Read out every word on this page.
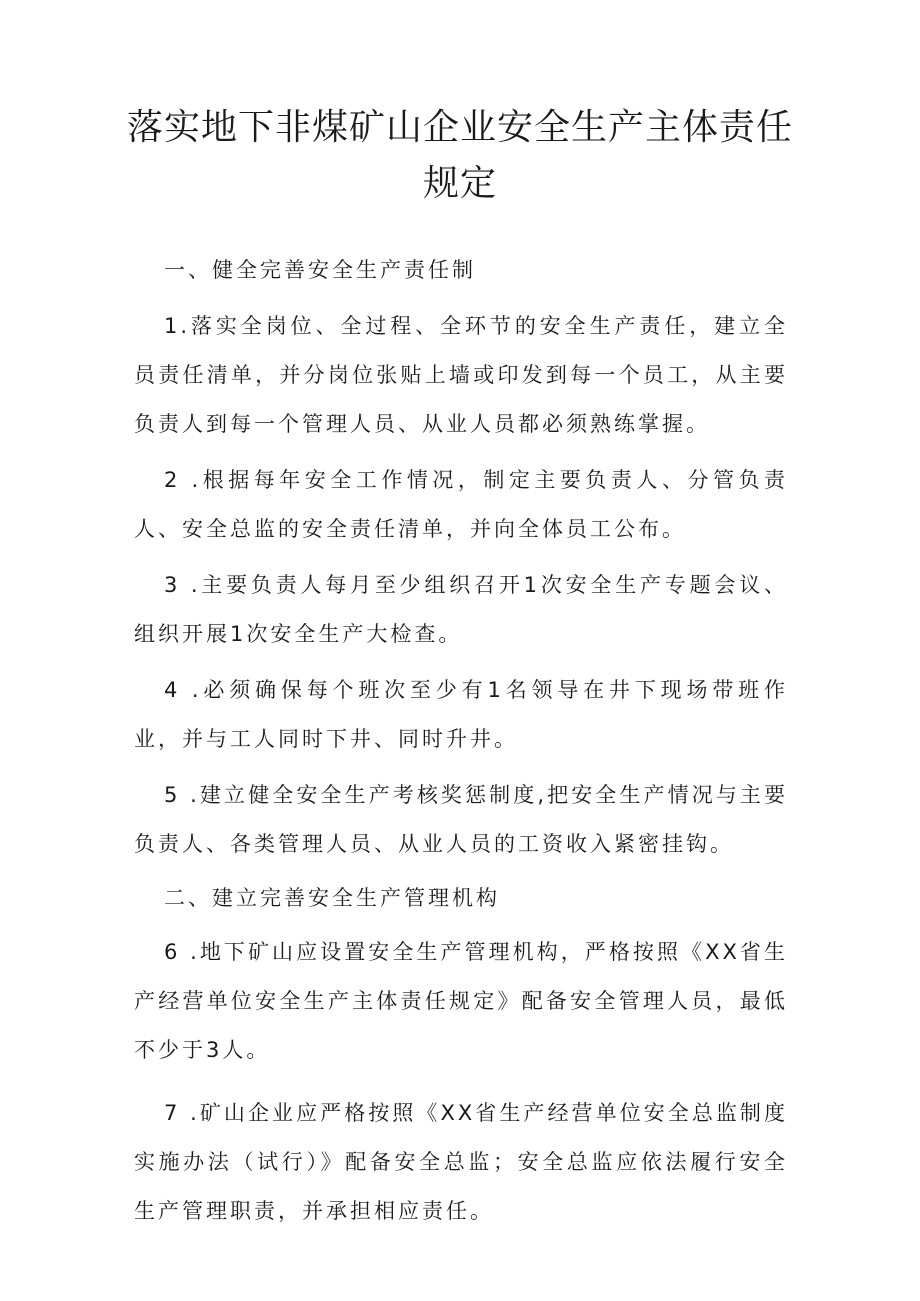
落实地下非煤矿山企业安全生产主体责任规定

一、健全完善安全生产责任制

1.落实全岗位、全过程、全环节的安全生产责任，建立全员责任清单，并分岗位张贴上墙或印发到每一个员工，从主要负责人到每一个管理人员、从业人员都必须熟练掌握。

2 .根据每年安全工作情况，制定主要负责人、分管负责人、安全总监的安全责任清单，并向全体员工公布。

3 .主要负责人每月至少组织召开1次安全生产专题会议、组织开展1次安全生产大检查。

4 .必须确保每个班次至少有1名领导在井下现场带班作业，并与工人同时下井、同时升井。

5 .建立健全安全生产考核奖惩制度,把安全生产情况与主要负责人、各类管理人员、从业人员的工资收入紧密挂钩。

二、建立完善安全生产管理机构

6 .地下矿山应设置安全生产管理机构，严格按照《XX省生产经营单位安全生产主体责任规定》配备安全管理人员，最低不少于3人。

7 .矿山企业应严格按照《XX省生产经营单位安全总监制度实施办法（试行）》配备安全总监；安全总监应依法履行安全生产管理职责，并承担相应责任。
